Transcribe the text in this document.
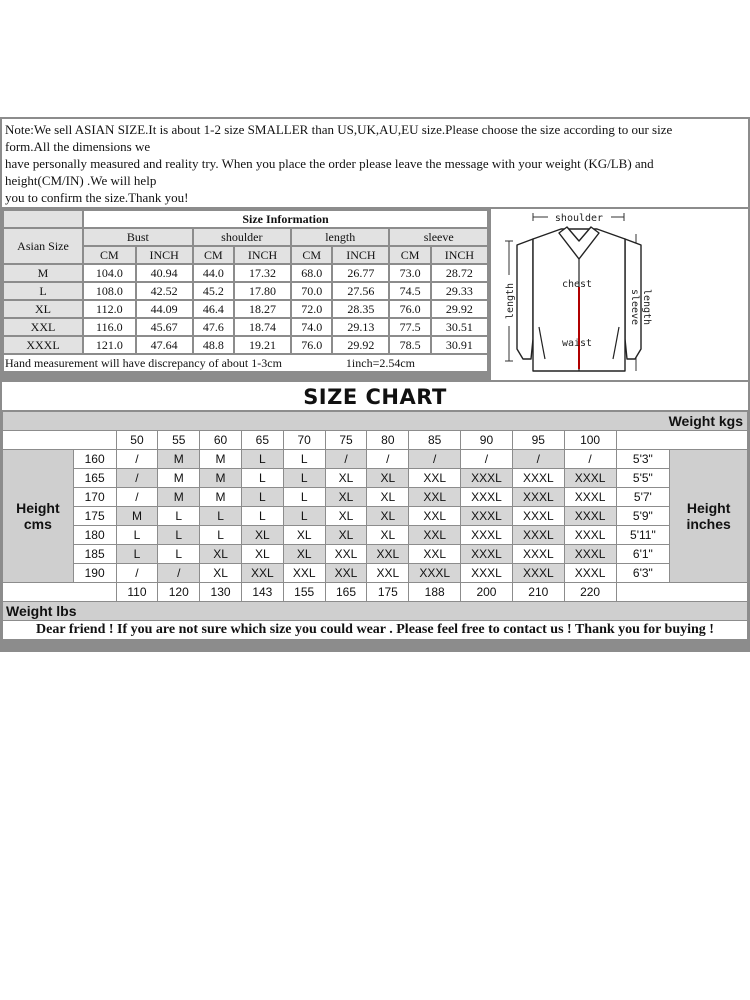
Note:We sell ASIAN SIZE.It is about 1-2 size SMALLER than US,UK,AU,EU size.Please choose the size according to our size
form.All the dimensions we
have personally measured and reality try. When you place the order please leave the message with your weight (KG/LB) and
height(CM/IN) .We will help
you to confirm the size.Thank you!
	Size Information							
Asian Size	Bust		shoulder		length		sleeve	
	CM	INCH	CM	INCH	CM	INCH	CM	INCH
M	104.0	40.94	44.0	17.32	68.0	26.77	73.0	28.72
L	108.0	42.52	45.2	17.80	70.0	27.56	74.5	29.33
XL	112.0	44.09	46.4	18.27	72.0	28.35	76.0	29.92
XXL	116.0	45.67	47.6	18.74	74.0	29.13	77.5	30.51
XXXL	121.0	47.64	48.8	19.21	76.0	29.92	78.5	30.91
Hand measurement will have discrepancy of about 1-3cm 1inch=2.54cm								
shoulder
chest
waist
length	sleeve length
SIZE CHART
Weight kgs														
		50	55	60	65	70	75	80	85	90	95	100		
Height
cms	160	/	M	M	L	L	/	/	/	/	/	/	5'3"	Height
inches
	165	/	M	M	L	L	XL	XL	XXL	XXXL	XXXL	XXXL	5'5"	
	170	/	M	M	L	L	XL	XL	XXL	XXXL	XXXL	XXXL	5'7'	
	175	M	L	L	L	L	XL	XL	XXL	XXXL	XXXL	XXXL	5'9"	
	180	L	L	L	XL	XL	XL	XL	XXL	XXXL	XXXL	XXXL	5'11"	
	185	L	L	XL	XL	XL	XXL	XXL	XXL	XXXL	XXXL	XXXL	6'1"	
	190	/	/	XL	XXL	XXL	XXL	XXL	XXXL	XXXL	XXXL	XXXL	6'3"	
		110	120	130	143	155	165	175	188	200	210	220		
Weight lbs														
Dear friend ! If you are not sure which size you could wear . Please feel free to contact us ! Thank you for buying !														
